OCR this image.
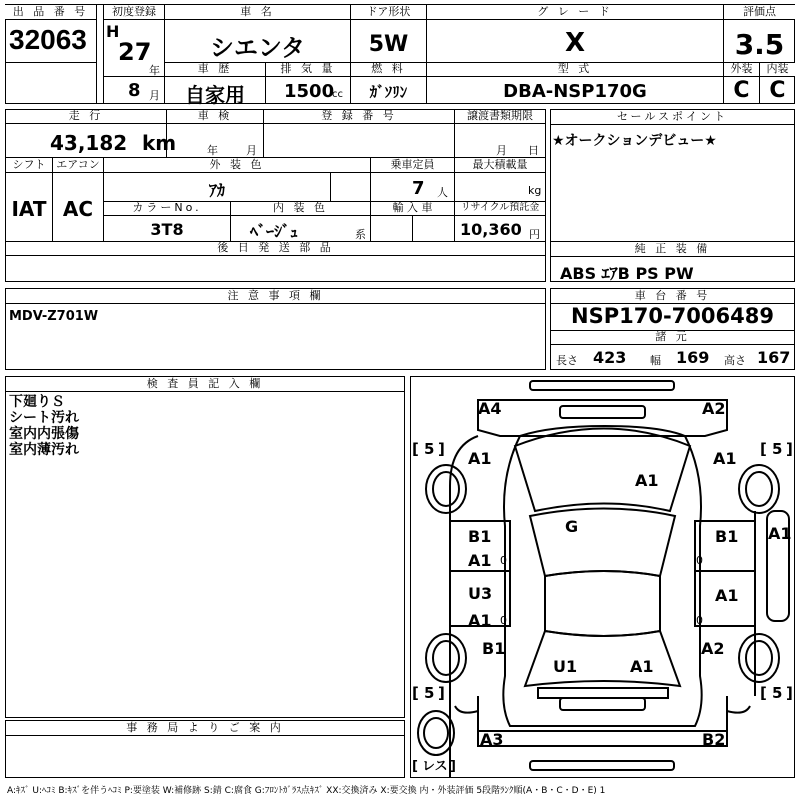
出 品 番 号
32063
初度登録
H
27
年
8 月
車 名
シエンタ
ドア形状
5W
グ レ ー ド
X
評価点
3.5
車 歴
自家用
排 気 量
1500
cc
燃 料
ｶﾞｿﾘﾝ
型 式
DBA-NSP170G
外装	内装
C C
走 行
43,182 km
車 検
年	月
登 録 番 号	譲渡書類期限
月 日
シフト
IAT
エアコン
AC
外 装 色
ｱｶ
乗車定員
7 人
最大積載量
kg
カラーNo.
3T8
内 装 色
ﾍﾞｰｼﾞｭ	系
輸 入 車	リサイクル預託金
10,360 円
後 日 発 送 部 品
セールスポイント
★オークションデビュー★
純 正 装 備
ABS ｴｱB PS PW
注 意 事 項 欄
MDV-Z701W
車 台 番 号
NSP170-7006489
諸 元
長さ 423 幅 169 高さ 167
検 査 員 記 入 欄
下廻りＳ
シート汚れ
室内内張傷
室内薄汚れ
事 務 局 よ り ご 案 内
A4	A2
A1	A1
A1
G
B1
A1
B1 A1
U3
A1
A1
B1	A2
U1	A1
A3	B2
0
0
0
0
[ 5 ]	[ 5 ]
[ 5 ]	[ 5 ]
[ レス ]
A:ｷｽﾞ U:ﾍｺﾐ B:ｷｽﾞを伴うﾍｺﾐ P:要塗装 W:補修跡 S:錆 C:腐食 G:ﾌﾛﾝﾄｶﾞﾗｽ点ｷｽﾞ XX:交換済み X:要交換 内・外装評価 5段階ﾗﾝｸ順(A・B・C・D・E) 1
